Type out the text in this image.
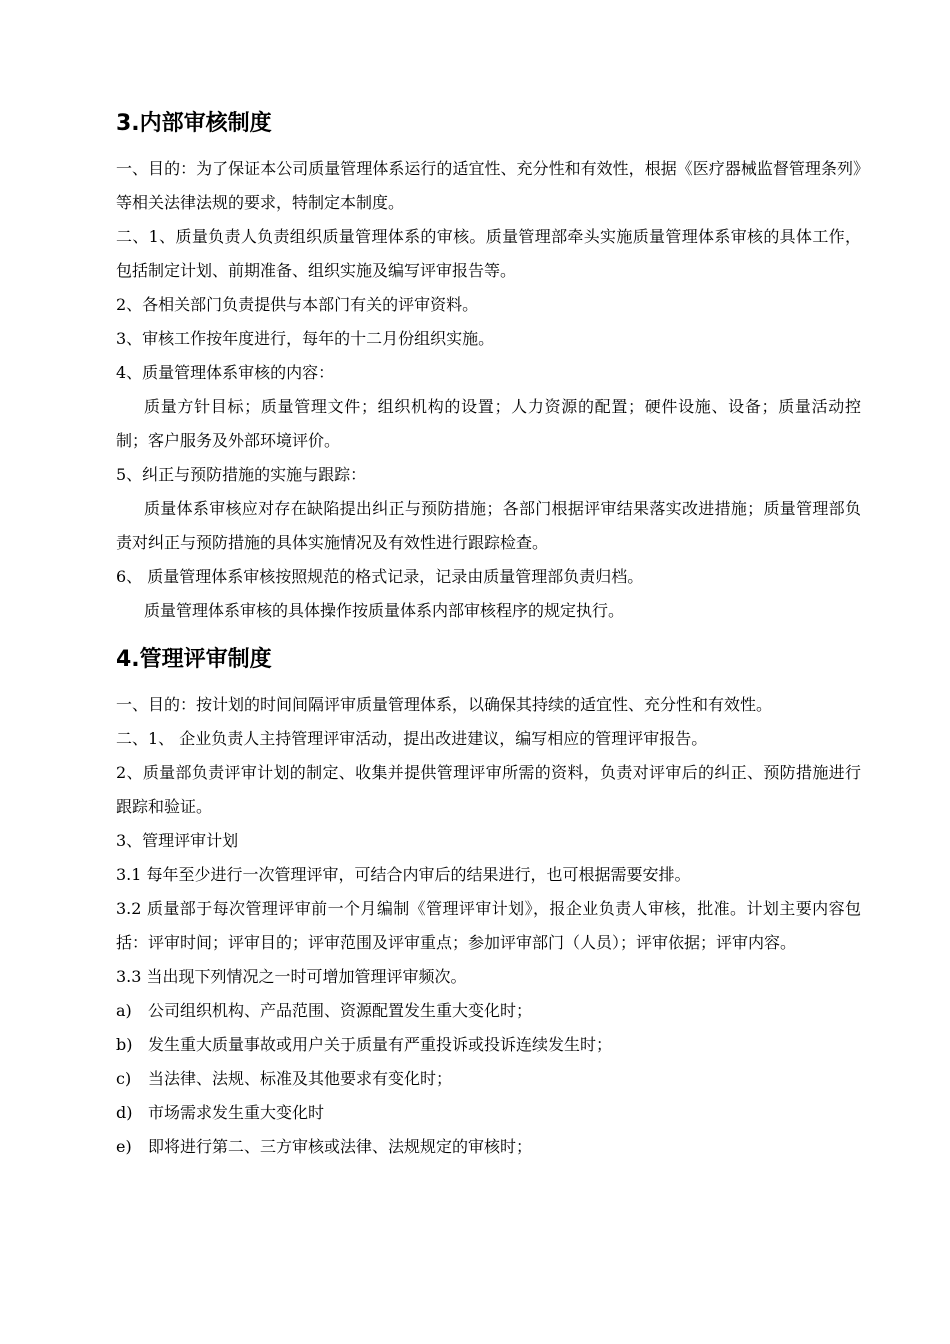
3.内部审核制度

一、目的：为了保证本公司质量管理体系运行的适宜性、充分性和有效性，根据《医疗器械监督管理条列》等相关法律法规的要求，特制定本制度。

二、1、质量负责人负责组织质量管理体系的审核。质量管理部牵头实施质量管理体系审核的具体工作，包括制定计划、前期准备、组织实施及编写评审报告等。

2、各相关部门负责提供与本部门有关的评审资料。

3、审核工作按年度进行，每年的十二月份组织实施。

4、质量管理体系审核的内容：

质量方针目标；质量管理文件；组织机构的设置；人力资源的配置；硬件设施、设备；质量活动控制；客户服务及外部环境评价。

5、纠正与预防措施的实施与跟踪：

质量体系审核应对存在缺陷提出纠正与预防措施；各部门根据评审结果落实改进措施；质量管理部负责对纠正与预防措施的具体实施情况及有效性进行跟踪检查。

6、 质量管理体系审核按照规范的格式记录，记录由质量管理部负责归档。

质量管理体系审核的具体操作按质量体系内部审核程序的规定执行。

4.管理评审制度

一、目的：按计划的时间间隔评审质量管理体系，以确保其持续的适宜性、充分性和有效性。

二、1、 企业负责人主持管理评审活动，提出改进建议，编写相应的管理评审报告。

2、质量部负责评审计划的制定、收集并提供管理评审所需的资料，负责对评审后的纠正、预防措施进行跟踪和验证。

3、管理评审计划

3.1 每年至少进行一次管理评审，可结合内审后的结果进行，也可根据需要安排。

3.2 质量部于每次管理评审前一个月编制《管理评审计划》，报企业负责人审核，批准。计划主要内容包括：评审时间；评审目的；评审范围及评审重点；参加评审部门（人员）；评审依据；评审内容。

3.3 当出现下列情况之一时可增加管理评审频次。

a)	公司组织机构、产品范围、资源配置发生重大变化时；
b) 发生重大质量事故或用户关于质量有严重投诉或投诉连续发生时；
c)	当法律、法规、标准及其他要求有变化时；
d) 市场需求发生重大变化时
e)	即将进行第二、三方审核或法律、法规规定的审核时；
